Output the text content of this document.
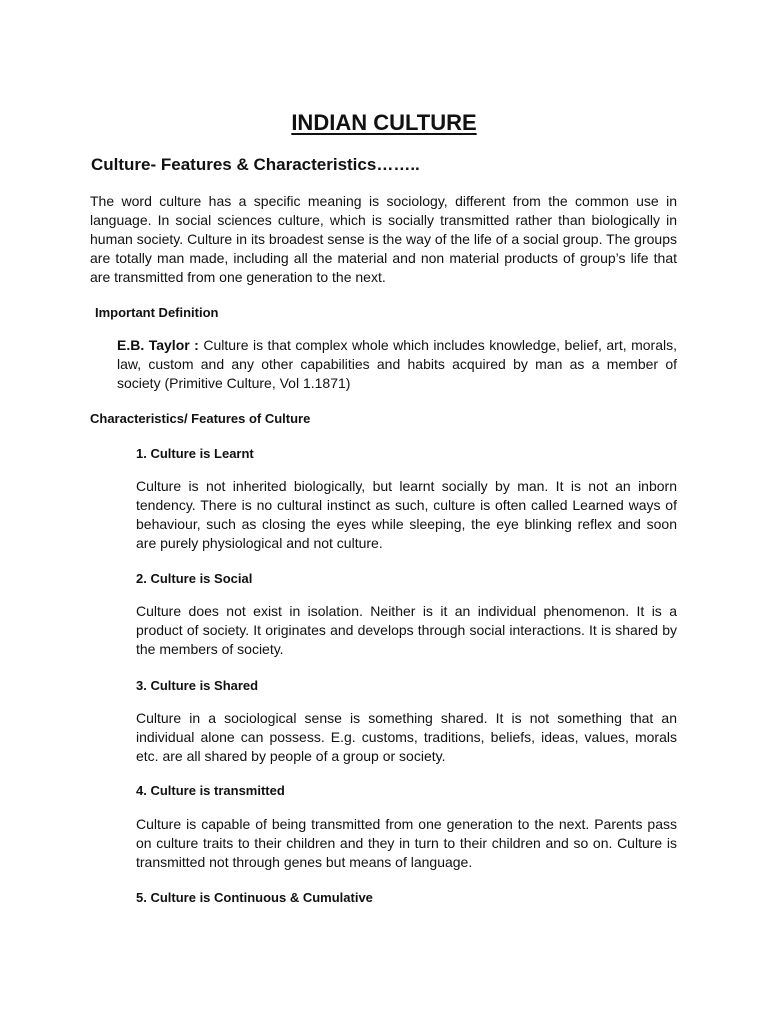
INDIAN CULTURE
Culture- Features & Characteristics……..

The word culture has a specific meaning is sociology, different from the common use in language. In social sciences culture, which is socially transmitted rather than biologically in human society. Culture in its broadest sense is the way of the life of a social group. The groups are totally man made, including all the material and non material products of group’s life that are transmitted from one generation to the next.

Important Definition

E.B. Taylor : Culture is that complex whole which includes knowledge, belief, art, morals, law, custom and any other capabilities and habits acquired by man as a member of society (Primitive Culture, Vol 1.1871)

Characteristics/ Features of Culture
1. Culture is Learnt

Culture is not inherited biologically, but learnt socially by man. It is not an inborn tendency. There is no cultural instinct as such, culture is often called Learned ways of behaviour, such as closing the eyes while sleeping, the eye blinking reflex and soon are purely physiological and not culture.

2. Culture is Social

Culture does not exist in isolation. Neither is it an individual phenomenon. It is a product of society. It originates and develops through social interactions. It is shared by the members of society.

3. Culture is Shared

Culture in a sociological sense is something shared. It is not something that an individual alone can possess. E.g. customs, traditions, beliefs, ideas, values, morals etc. are all shared by people of a group or society.

4. Culture is transmitted

Culture is capable of being transmitted from one generation to the next. Parents pass on culture traits to their children and they in turn to their children and so on. Culture is transmitted not through genes but means of language.

5. Culture is Continuous & Cumulative
